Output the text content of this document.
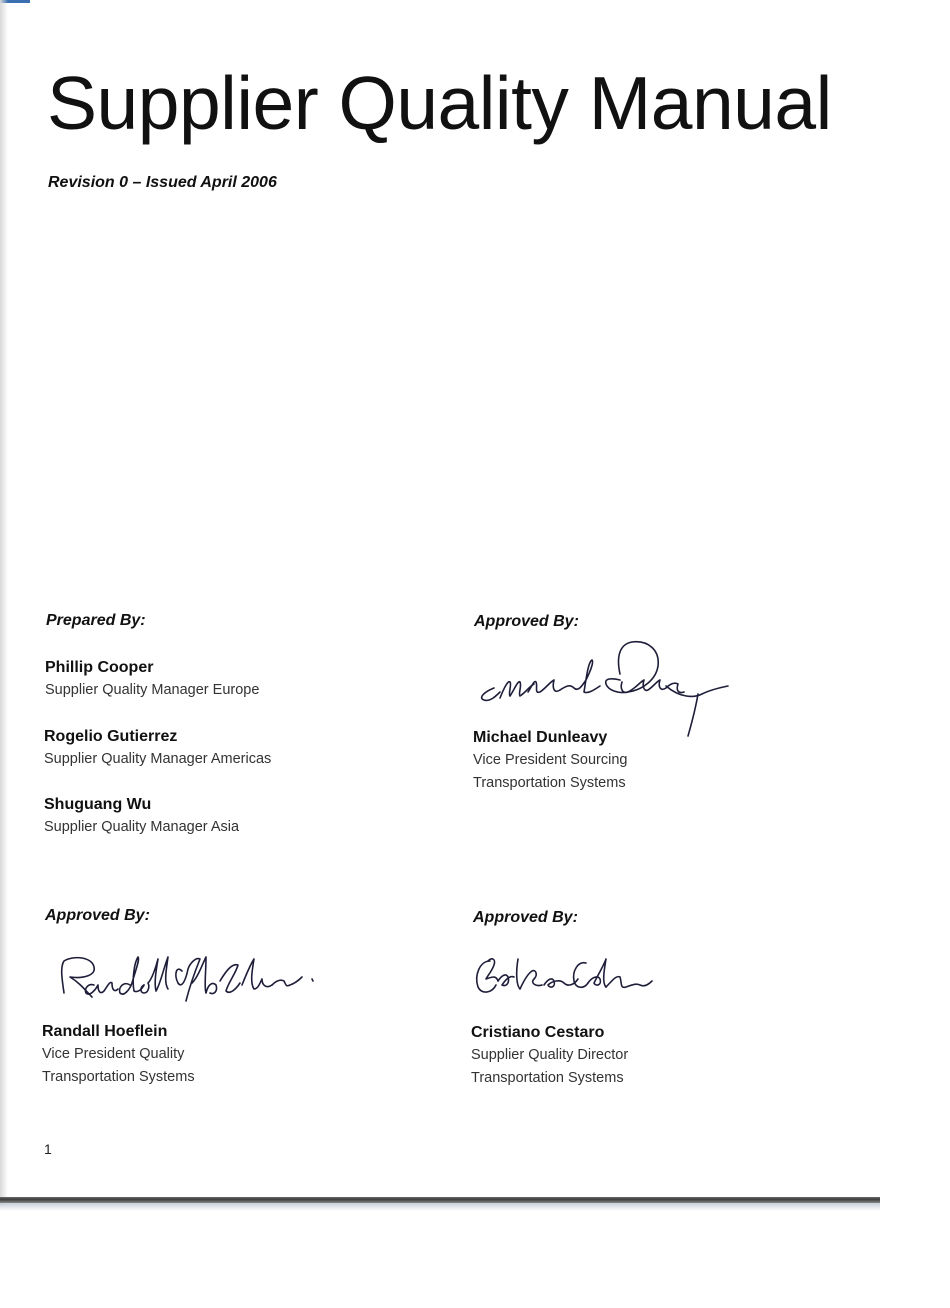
Supplier Quality Manual
Revision 0 – Issued April 2006
Prepared By:
Phillip Cooper
Supplier Quality Manager Europe
Rogelio Gutierrez
Supplier Quality Manager Americas
Shuguang Wu
Supplier Quality Manager Asia
Approved By:
Michael Dunleavy
Vice President Sourcing
Transportation Systems
Approved By:
Randall Hoeflein
Vice President Quality
Transportation Systems
Approved By:
Cristiano Cestaro
Supplier Quality Director
Transportation Systems
1
